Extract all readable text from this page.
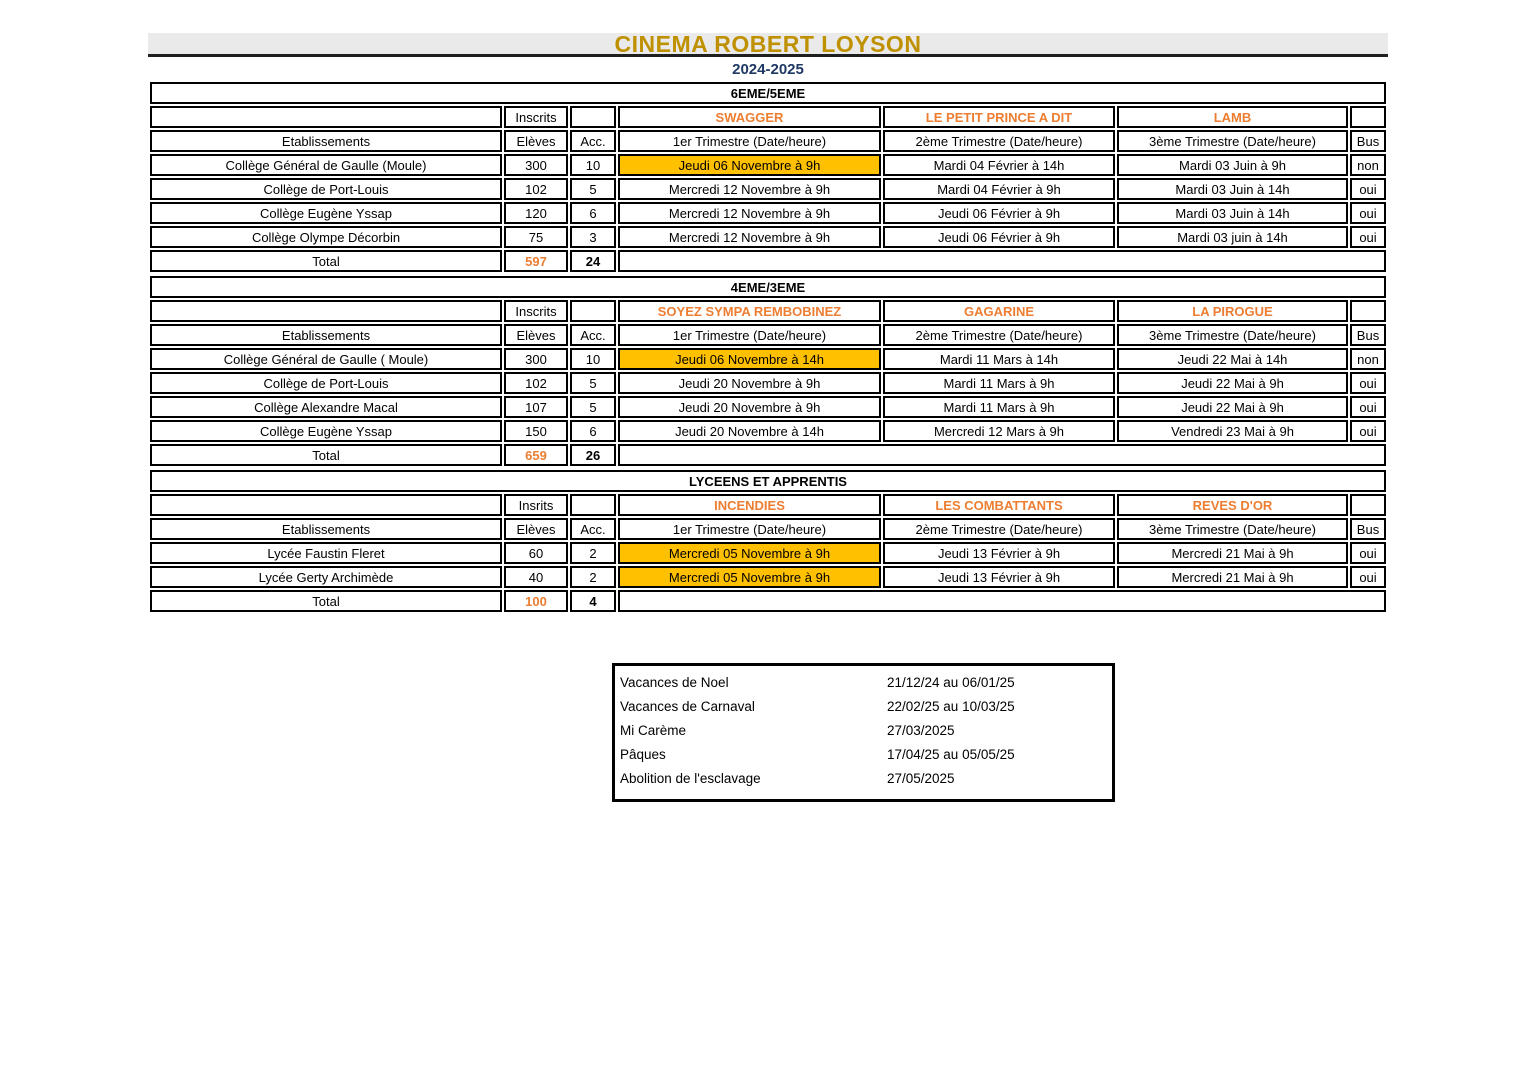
CINEMA ROBERT LOYSON
2024-2025
6EME/5EME						
	Inscrits		SWAGGER	LE PETIT PRINCE A DIT	LAMB	
Etablissements	Elèves	Acc.	1er Trimestre (Date/heure)	2ème Trimestre (Date/heure)	3ème Trimestre (Date/heure)	Bus
Collège Général de Gaulle (Moule)	300	10	Jeudi 06 Novembre à 9h	Mardi 04 Février à 14h	Mardi 03 Juin à 9h	non
Collège de Port-Louis	102	5	Mercredi 12 Novembre à 9h	Mardi 04 Février à 9h	Mardi 03 Juin à 14h	oui
Collège Eugène Yssap	120	6	Mercredi 12 Novembre à 9h	Jeudi 06 Février à 9h	Mardi 03 Juin à 14h	oui
Collège Olympe Décorbin	75	3	Mercredi 12 Novembre à 9h	Jeudi 06 Février à 9h	Mardi 03 juin à 14h	oui
Total	597	24				
4EME/3EME						
	Inscrits		SOYEZ SYMPA REMBOBINEZ	GAGARINE	LA PIROGUE	
Etablissements	Elèves	Acc.	1er Trimestre (Date/heure)	2ème Trimestre (Date/heure)	3ème Trimestre (Date/heure)	Bus
Collège Général de Gaulle ( Moule)	300	10	Jeudi 06 Novembre à 14h	Mardi 11 Mars à 14h	Jeudi 22 Mai à 14h	non
Collège de Port-Louis	102	5	Jeudi 20 Novembre à 9h	Mardi 11 Mars à 9h	Jeudi 22 Mai à 9h	oui
Collège Alexandre Macal	107	5	Jeudi 20 Novembre à 9h	Mardi 11 Mars à 9h	Jeudi 22 Mai à 9h	oui
Collège Eugène Yssap	150	6	Jeudi 20 Novembre à 14h	Mercredi 12 Mars à 9h	Vendredi 23 Mai à 9h	oui
Total	659	26				
LYCEENS ET APPRENTIS						
	Insrits		INCENDIES	LES COMBATTANTS	REVES D'OR	
Etablissements	Elèves	Acc.	1er Trimestre (Date/heure)	2ème Trimestre (Date/heure)	3ème Trimestre (Date/heure)	Bus
Lycée Faustin Fleret	60	2	Mercredi 05 Novembre à 9h	Jeudi 13 Février à 9h	Mercredi 21 Mai à 9h	oui
Lycée Gerty Archimède	40	2	Mercredi 05 Novembre à 9h	Jeudi 13 Février à 9h	Mercredi 21 Mai à 9h	oui
Total	100	4				
Vacances de Noel	21/12/24 au 06/01/25
Vacances de Carnaval	22/02/25 au 10/03/25
Mi Carème	27/03/2025
Pâques	17/04/25 au 05/05/25
Abolition de l'esclavage	27/05/2025
